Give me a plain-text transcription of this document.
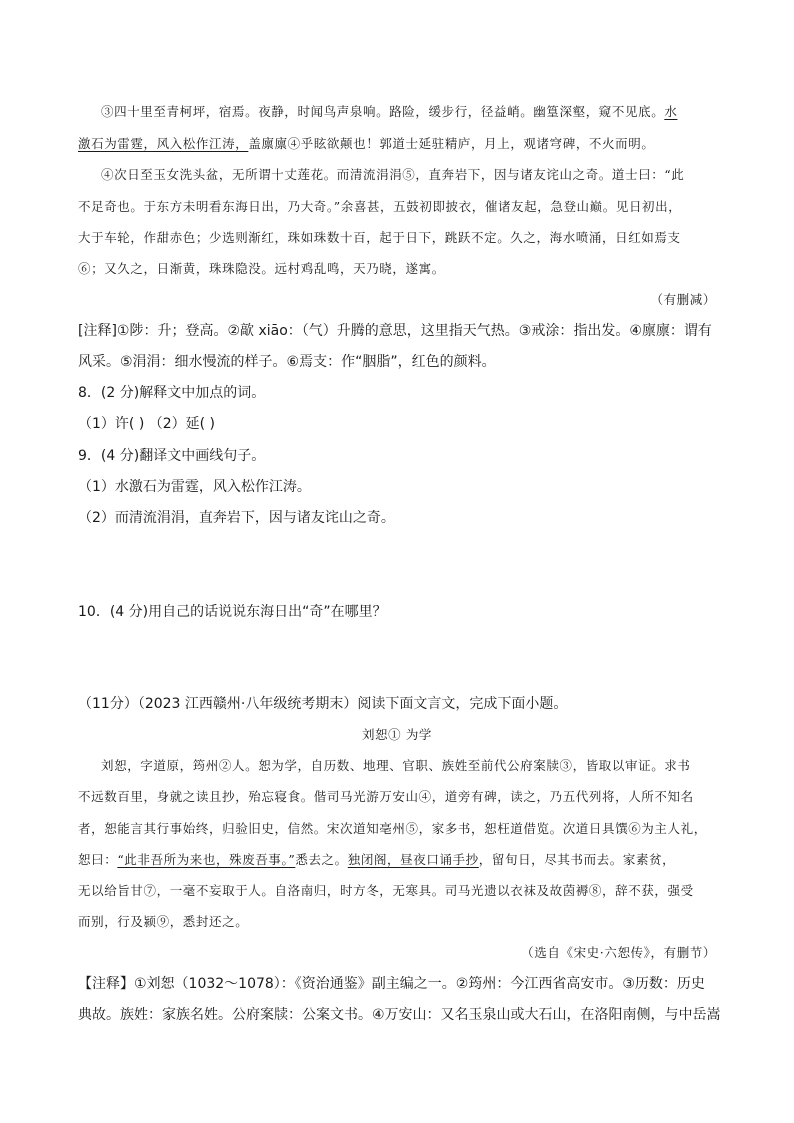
③四十里至青柯坪，宿焉。夜静，时闻鸟声泉响。路险，缓步行，径益峭。幽篁深壑，窥不见底。水
激石为雷霆，风入松作江涛，盖廪廪④乎眩欲颠也！郭道士延驻精庐，月上，观诸穹碑，不火而明。
④次日至玉女洗头盆，无所谓十丈莲花。而清流涓涓⑤，直奔岩下，因与诸友诧山之奇。道士曰：“此
不足奇也。于东方未明看东海日出，乃大奇。”余喜甚，五鼓初即披衣，催诸友起，急登山巅。见日初出，
大于车轮，作甜赤色；少选则渐红，珠如珠数十百，起于日下，跳跃不定。久之，海水喷涌，日红如焉支
⑥；又久之，日渐黄，珠珠隐没。远村鸡乱鸣，天乃晓，遂寓。
（有删减）
[注释]①陟：升；登高。②歊 xiāo：（气）升腾的意思，这里指天气热。③戒涂：指出发。④廪廪：谓有
风采。⑤涓涓：细水慢流的样子。⑥焉支：作“胭脂”，红色的颜料。
8．(2 分)解释文中加点的词。
（1）许( ) （2）延( )
9．(4 分)翻译文中画线句子。
（1）水激石为雷霆，风入松作江涛。
（2）而清流涓涓，直奔岩下，因与诸友诧山之奇。
10．(4 分)用自己的话说说东海日出“奇”在哪里？
（11分）（2023 江西赣州·八年级统考期末）阅读下面文言文，完成下面小题。
刘恕① 为学
刘恕，字道原，筠州②人。恕为学，自历数、地理、官职、族姓至前代公府案牍③，皆取以审证。求书
不远数百里，身就之读且抄，殆忘寝食。偕司马光游万安山④，道旁有碑，读之，乃五代列将，人所不知名
者，恕能言其行事始终，归验旧史，信然。宋次道知亳州⑤，家多书，恕枉道借览。次道日具馔⑥为主人礼，
恕曰：“此非吾所为来也，殊废吾事。”悉去之。独闭阁，昼夜口诵手抄，留旬日，尽其书而去。家素贫，
无以给旨甘⑦，一毫不妄取于人。自洛南归，时方冬，无寒具。司马光遗以衣袜及故茵褥⑧，辞不获，强受
而别，行及颍⑨，悉封还之。
（选自《宋史·六恕传》，有删节）
【注释】①刘恕（1032～1078）：《资治通鉴》副主编之一。②筠州：今江西省高安市。③历数：历史
典故。族姓：家族名姓。公府案牍：公案文书。④万安山：又名玉泉山或大石山，在洛阳南侧，与中岳嵩
